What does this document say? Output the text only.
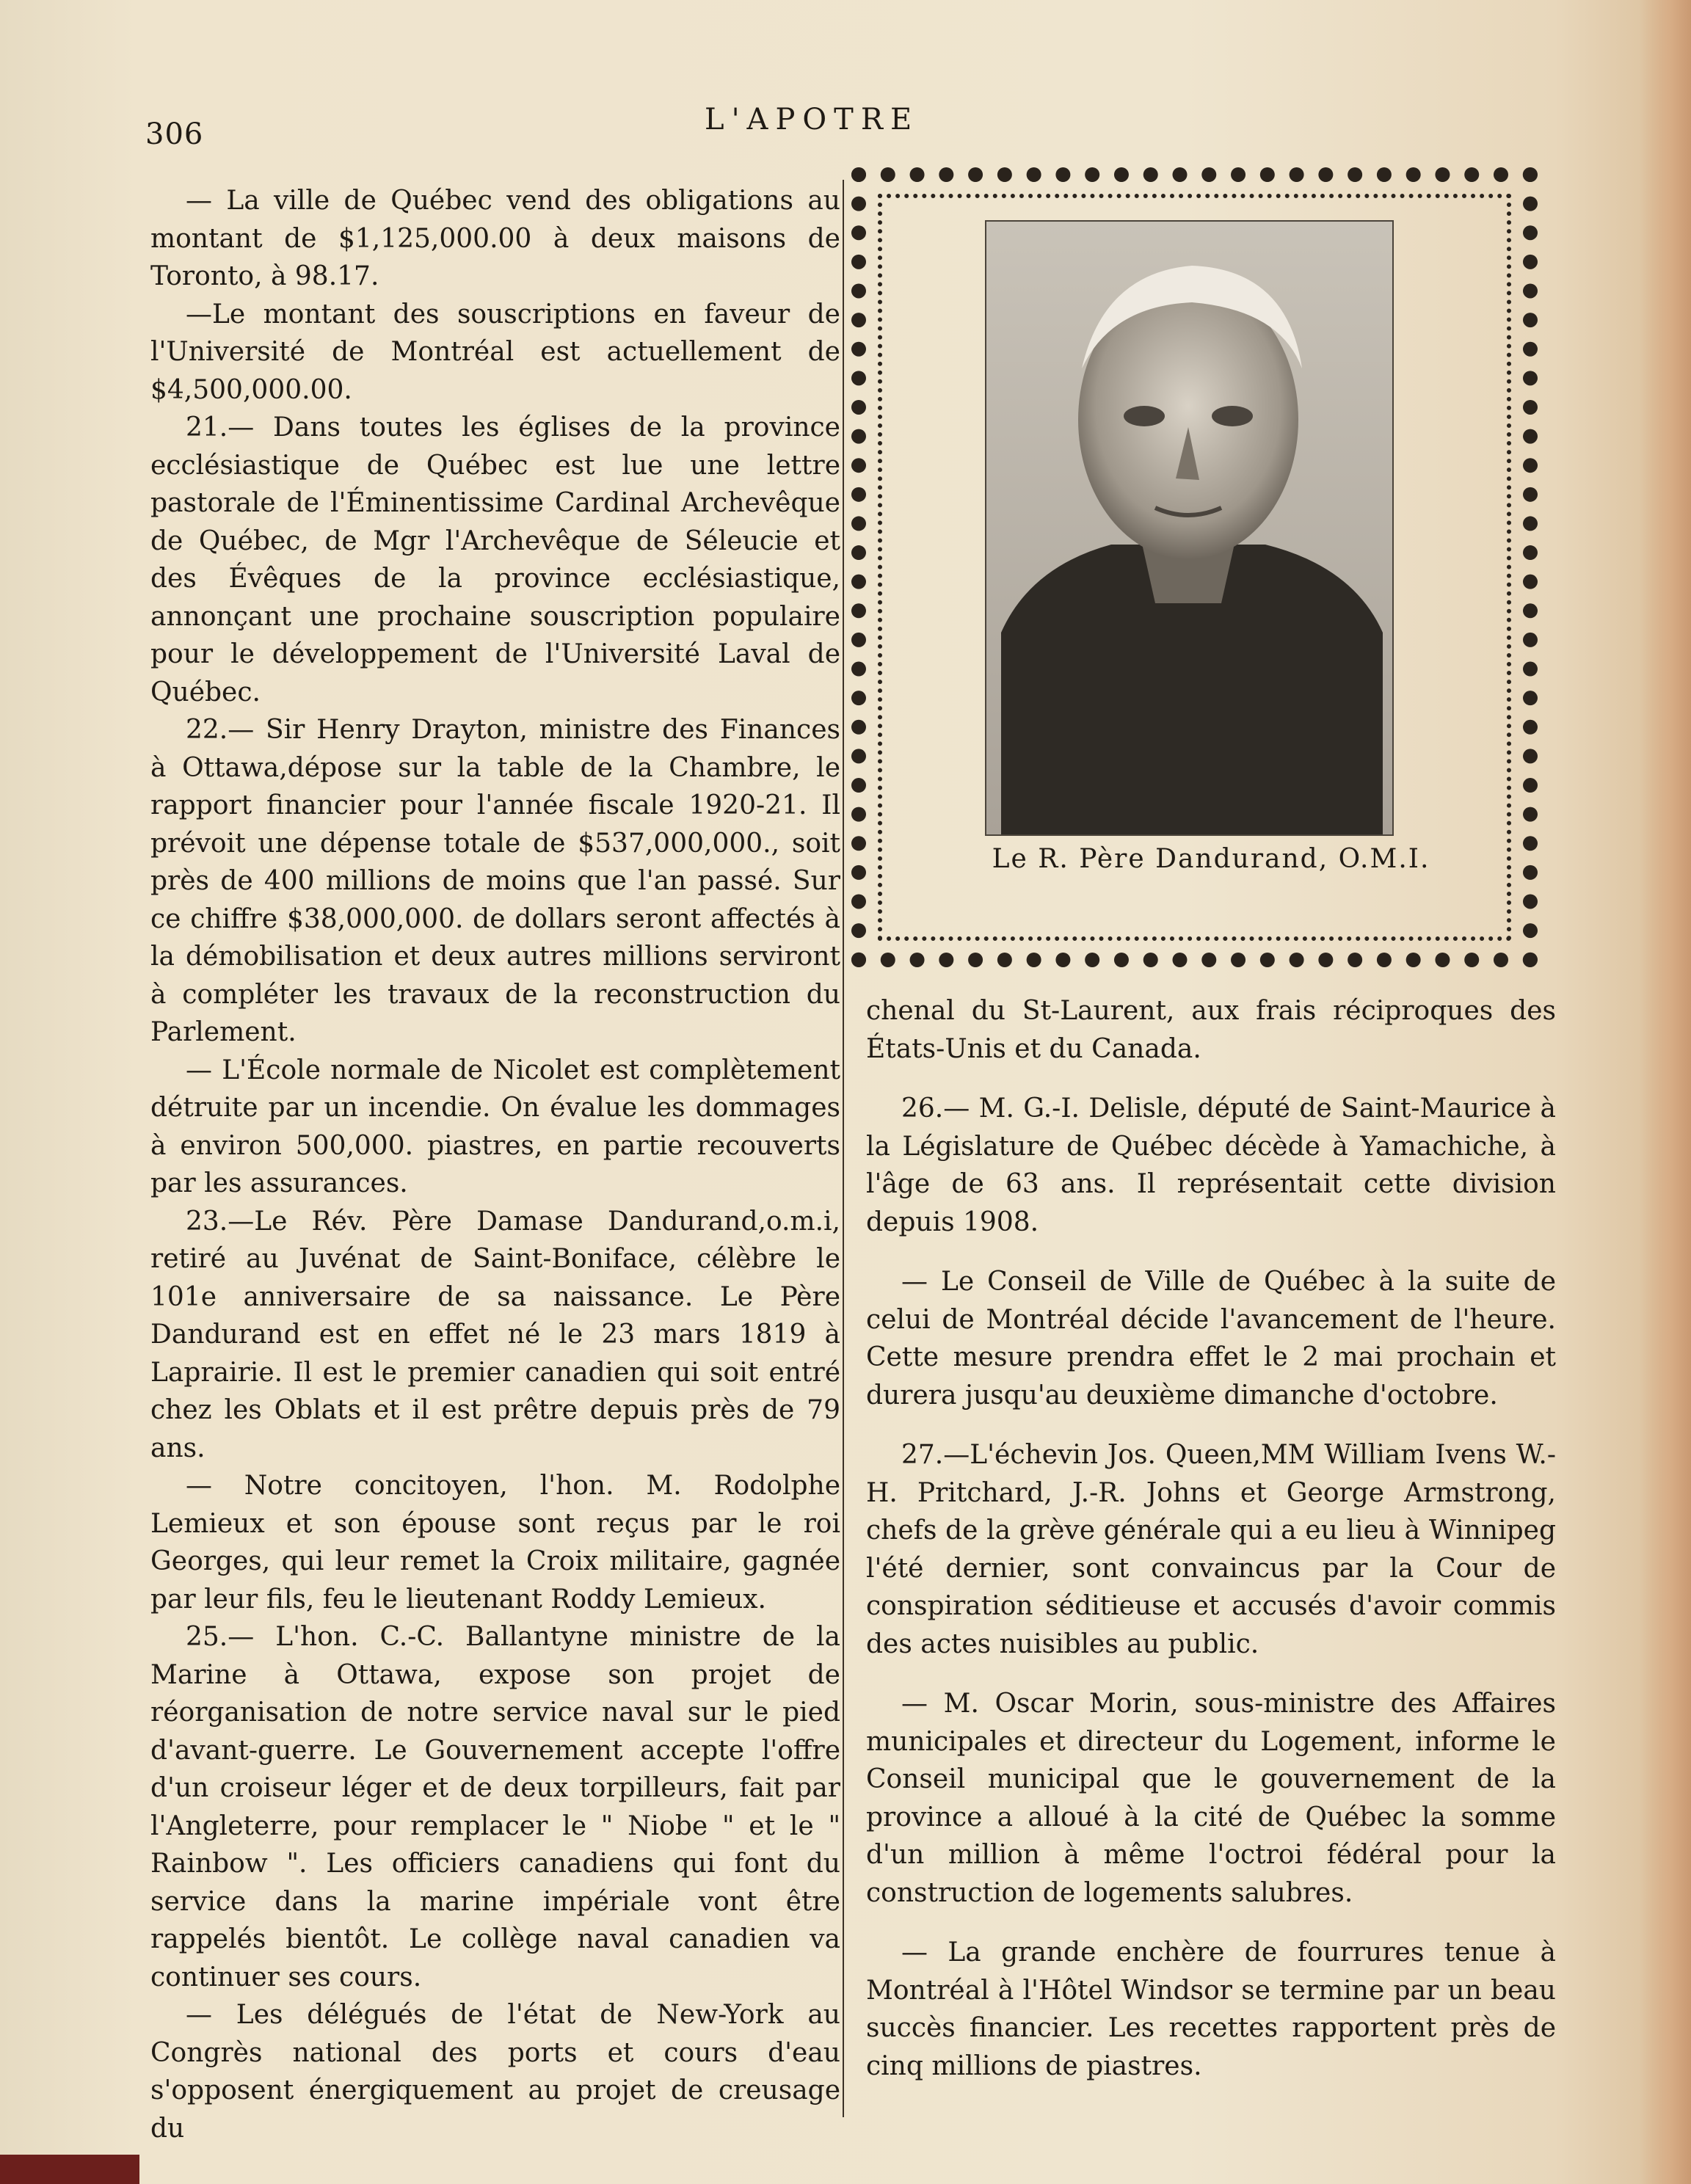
306	L'APOTRE

— La ville de Québec vend des obligations au montant de $1,125,000.00 à deux maisons de Toronto, à 98.17.

—Le montant des souscriptions en faveur de l'Université de Montréal est actuellement de $4,500,000.00.

21.— Dans toutes les églises de la province ecclésiastique de Québec est lue une lettre pastorale de l'Éminentissime Cardinal Archevêque de Québec, de Mgr l'Archevêque de Séleucie et des Évêques de la province ecclésiastique, annonçant une prochaine souscription populaire pour le développement de l'Université Laval de Québec.

22.— Sir Henry Drayton, ministre des Finances à Ottawa,dépose sur la table de la Chambre, le rapport financier pour l'année fiscale 1920-21. Il prévoit une dépense totale de $537,000,000., soit près de 400 millions de moins que l'an passé. Sur ce chiffre $38,000,000. de dollars seront affectés à la démobilisation et deux autres millions serviront à compléter les travaux de la reconstruction du Parlement.

— L'École normale de Nicolet est complètement détruite par un incendie. On évalue les dommages à environ 500,000. piastres, en partie recouverts par les assurances.

23.—Le Rév. Père Damase Dandurand,o.m.i, retiré au Juvénat de Saint-Boniface, célèbre le 101e anniversaire de sa naissance. Le Père Dandurand est en effet né le 23 mars 1819 à Laprairie. Il est le premier canadien qui soit entré chez les Oblats et il est prêtre depuis près de 79 ans.

— Notre concitoyen, l'hon. M. Rodolphe Lemieux et son épouse sont reçus par le roi Georges, qui leur remet la Croix militaire, gagnée par leur fils, feu le lieutenant Roddy Lemieux.

25.— L'hon. C.-C. Ballantyne ministre de la Marine à Ottawa, expose son projet de réorganisation de notre service naval sur le pied d'avant-guerre. Le Gouvernement accepte l'offre d'un croiseur léger et de deux torpilleurs, fait par l'Angleterre, pour remplacer le " Niobe " et le " Rainbow ". Les officiers canadiens qui font du service dans la marine impériale vont être rappelés bientôt. Le collège naval canadien va continuer ses cours.

— Les délégués de l'état de New-York au Congrès national des ports et cours d'eau s'opposent énergiquement au projet de creusage du

Le R. Père Dandurand, O.M.I.

chenal du St-Laurent, aux frais réciproques des États-Unis et du Canada.

26.— M. G.-I. Delisle, député de Saint-Maurice à la Législature de Québec décède à Yamachiche, à l'âge de 63 ans. Il représentait cette division depuis 1908.

— Le Conseil de Ville de Québec à la suite de celui de Montréal décide l'avancement de l'heure. Cette mesure prendra effet le 2 mai prochain et durera jusqu'au deuxième dimanche d'octobre.

27.—L'échevin Jos. Queen,MM William Ivens W.-H. Pritchard, J.-R. Johns et George Armstrong, chefs de la grève générale qui a eu lieu à Winnipeg l'été dernier, sont convaincus par la Cour de conspiration séditieuse et accusés d'avoir commis des actes nuisibles au public.

— M. Oscar Morin, sous-ministre des Affaires municipales et directeur du Logement, informe le Conseil municipal que le gouvernement de la province a alloué à la cité de Québec la somme d'un million à même l'octroi fédéral pour la construction de logements salubres.

— La grande enchère de fourrures tenue à Montréal à l'Hôtel Windsor se termine par un beau succès financier. Les recettes rapportent près de cinq millions de piastres.
